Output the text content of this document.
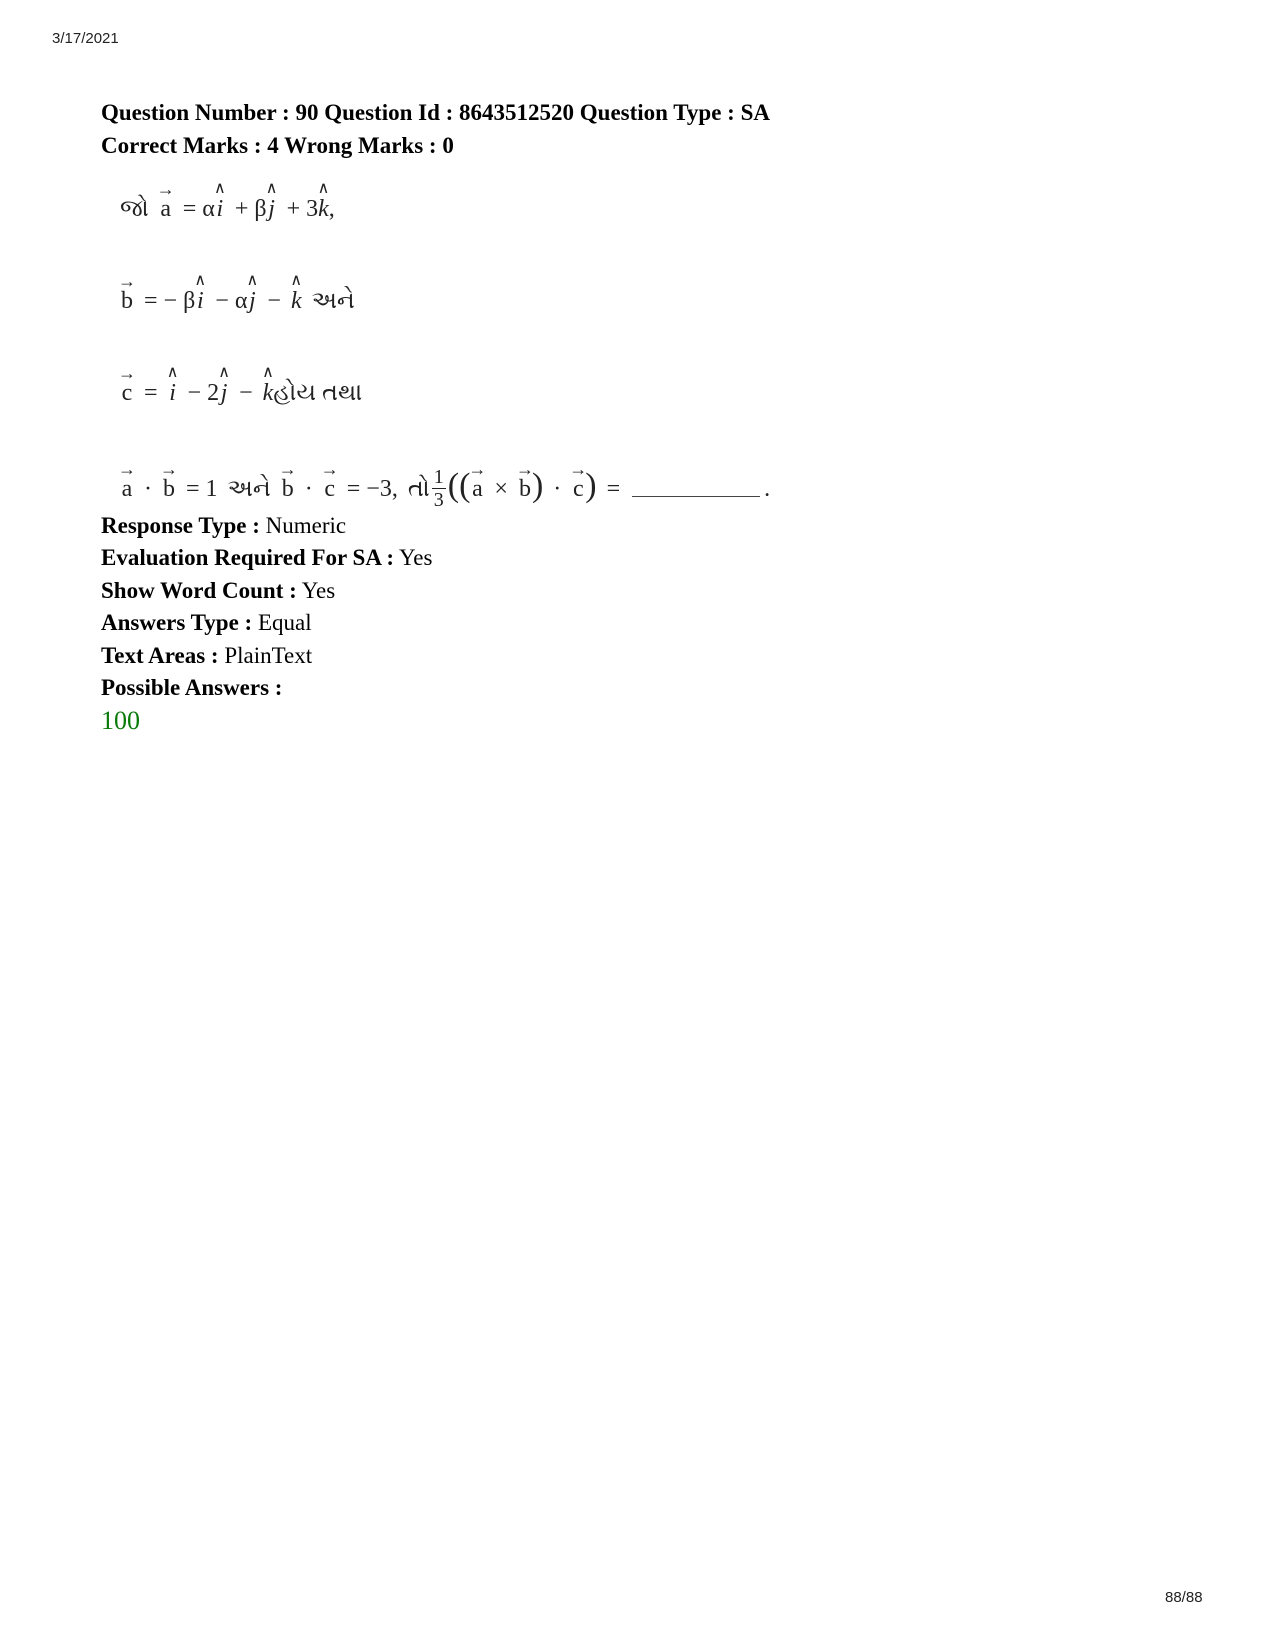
3/17/2021
Question Number : 90 Question Id : 8643512520 Question Type : SA
Correct Marks : 4 Wrong Marks : 0
જો → a = α ∧ i + β ∧ j + 3 ∧ k ,
→ b = − β ∧ i − α ∧ j − ∧ k અને
→ c = ∧ i − 2 ∧ j − ∧ k હોય તથા
→ a · → b = 1 અને → b · → c = −3, તો $\frac{1}{3}$ (( → a × → b ) · → c ) =	.
Response Type : Numeric
Evaluation Required For SA : Yes
Show Word Count : Yes
Answers Type : Equal
Text Areas : PlainText
Possible Answers :
100
88/88
